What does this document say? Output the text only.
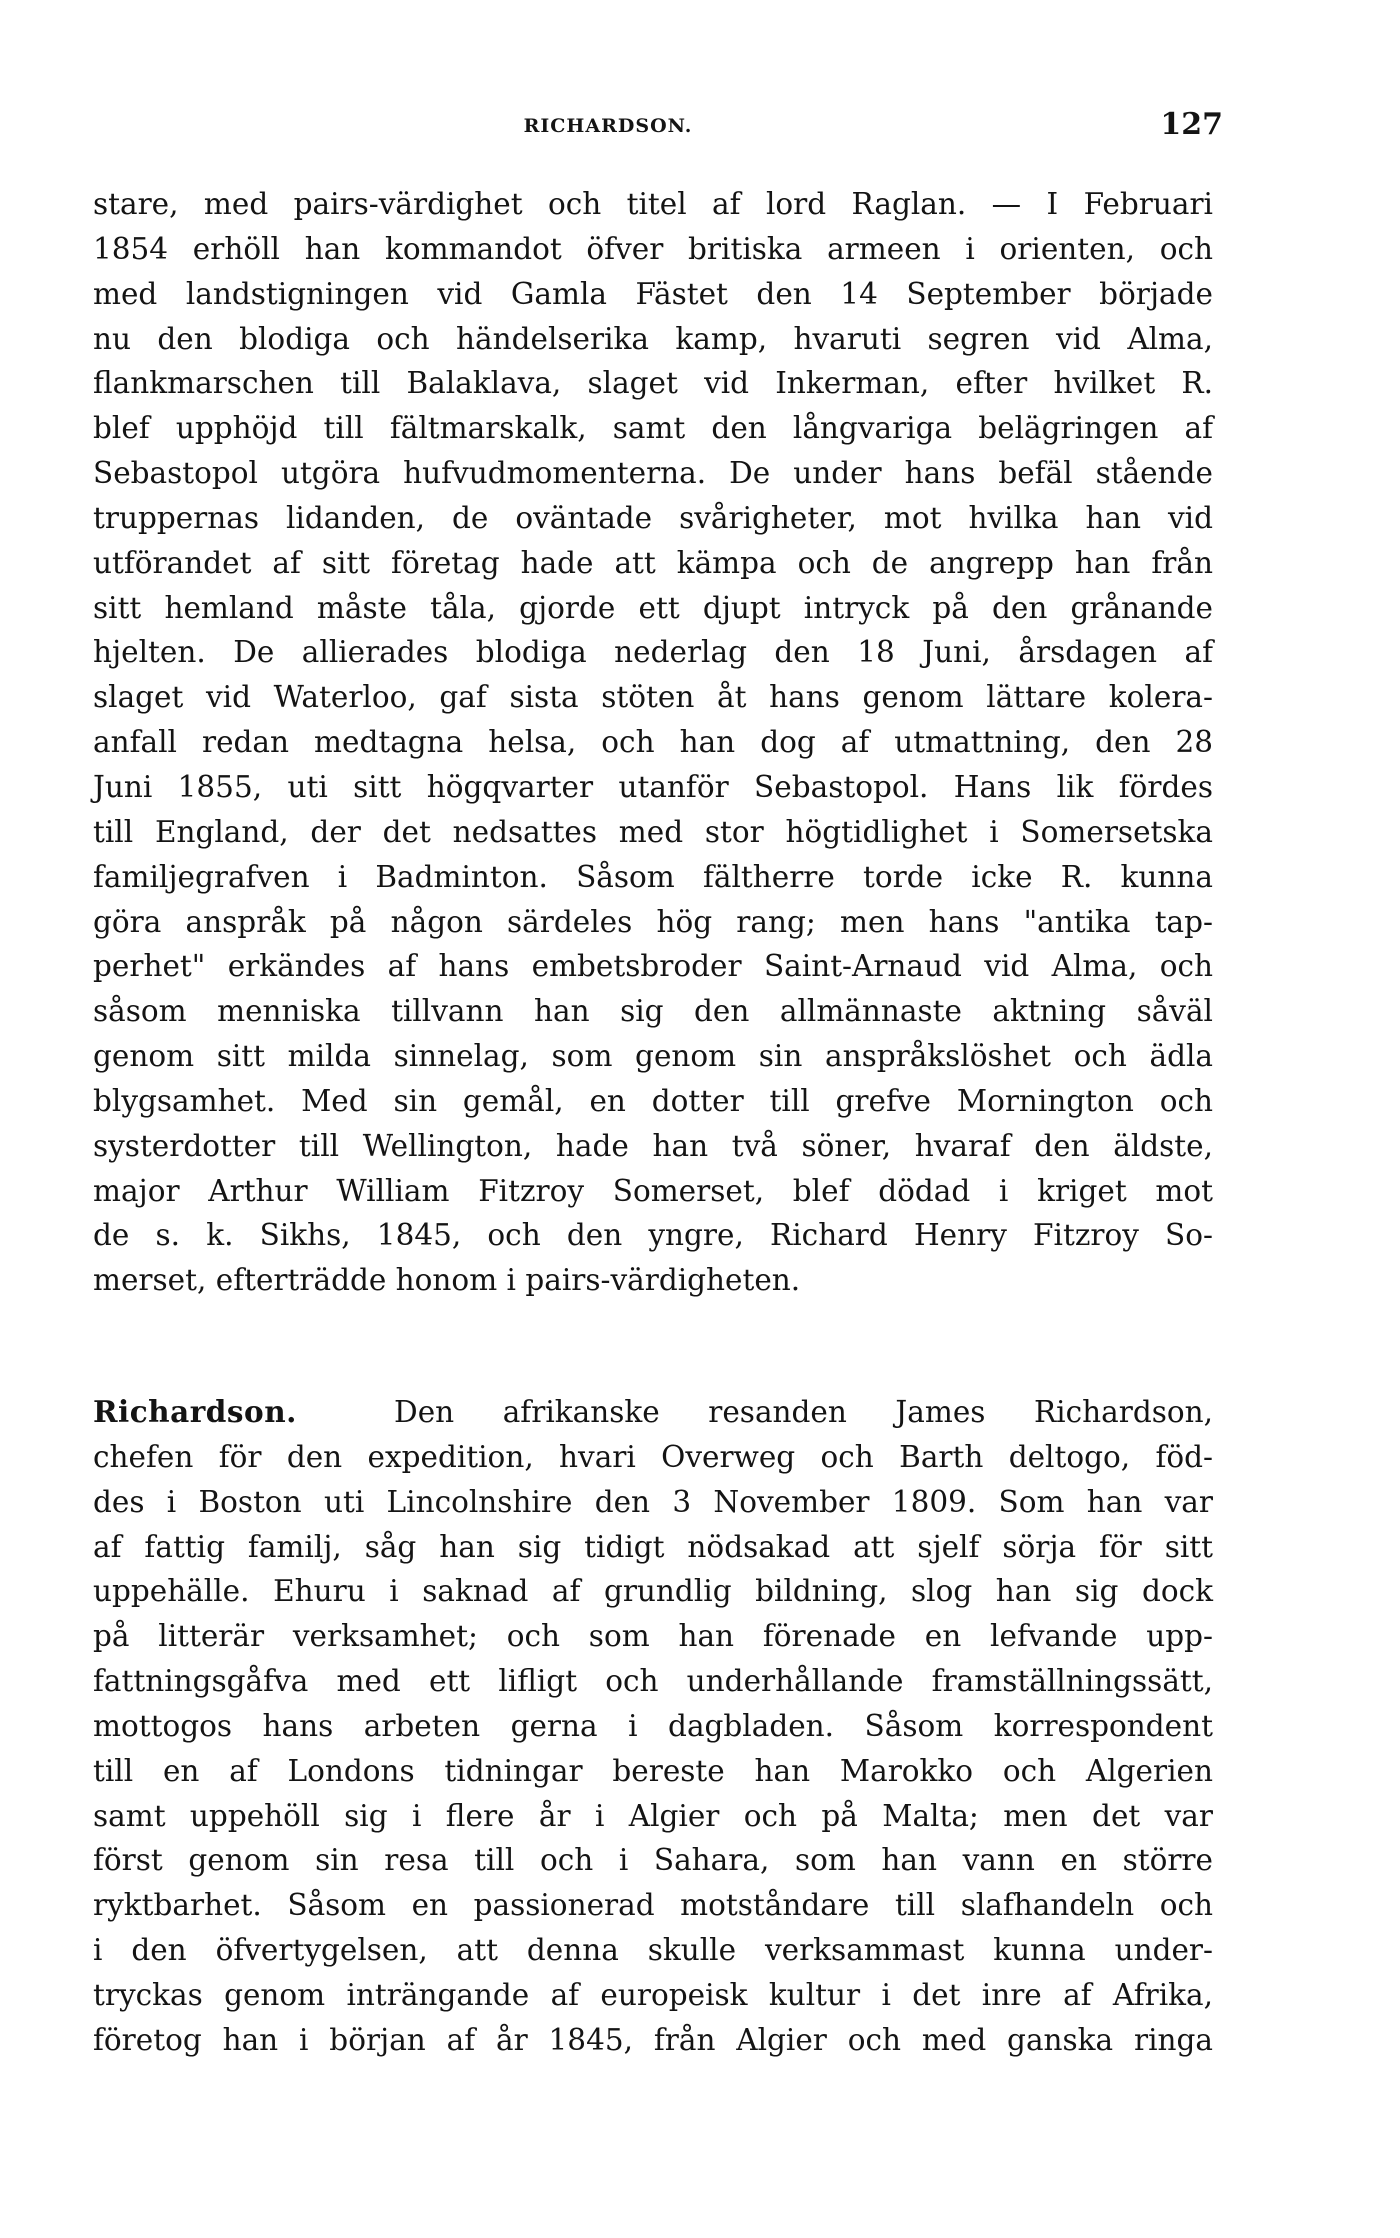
RICHARDSON.	127
stare, med pairs-värdighet och titel af lord Raglan. — I Februari
1854 erhöll han kommandot öfver britiska armeen i orienten, och
med landstigningen vid Gamla Fästet den 14 September började
nu den blodiga och händelserika kamp, hvaruti segren vid Alma,
flankmarschen till Balaklava, slaget vid Inkerman, efter hvilket R.
blef upphöjd till fältmarskalk, samt den långvariga belägringen af
Sebastopol utgöra hufvudmomenterna. De under hans befäl stående
truppernas lidanden, de oväntade svårigheter, mot hvilka han vid
utförandet af sitt företag hade att kämpa och de angrepp han från
sitt hemland måste tåla, gjorde ett djupt intryck på den grånande
hjelten. De allierades blodiga nederlag den 18 Juni, årsdagen af
slaget vid Waterloo, gaf sista stöten åt hans genom lättare kolera-
anfall redan medtagna helsa, och han dog af utmattning, den 28
Juni 1855, uti sitt högqvarter utanför Sebastopol. Hans lik fördes
till England, der det nedsattes med stor högtidlighet i Somersetska
familjegrafven i Badminton. Såsom fältherre torde icke R. kunna
göra anspråk på någon särdeles hög rang; men hans "antika tap-
perhet" erkändes af hans embetsbroder Saint-Arnaud vid Alma, och
såsom menniska tillvann han sig den allmännaste aktning såväl
genom sitt milda sinnelag, som genom sin anspråkslöshet och ädla
blygsamhet. Med sin gemål, en dotter till grefve Mornington och
systerdotter till Wellington, hade han två söner, hvaraf den äldste,
major Arthur William Fitzroy Somerset, blef dödad i kriget mot
de s. k. Sikhs, 1845, och den yngre, Richard Henry Fitzroy So-
merset, efterträdde honom i pairs-värdigheten.
Richardson.	Den afrikanske resanden James Richardson,
chefen för den expedition, hvari Overweg och Barth deltogo, föd-
des i Boston uti Lincolnshire den 3 November 1809. Som han var
af fattig familj, såg han sig tidigt nödsakad att sjelf sörja för sitt
uppehälle. Ehuru i saknad af grundlig bildning, slog han sig dock
på litterär verksamhet; och som han förenade en lefvande upp-
fattningsgåfva med ett lifligt och underhållande framställningssätt,
mottogos hans arbeten gerna i dagbladen. Såsom korrespondent
till en af Londons tidningar bereste han Marokko och Algerien
samt uppehöll sig i flere år i Algier och på Malta; men det var
först genom sin resa till och i Sahara, som han vann en större
ryktbarhet. Såsom en passionerad motståndare till slafhandeln och
i den öfvertygelsen, att denna skulle verksammast kunna under-
tryckas genom inträngande af europeisk kultur i det inre af Afrika,
företog han i början af år 1845, från Algier och med ganska ringa
